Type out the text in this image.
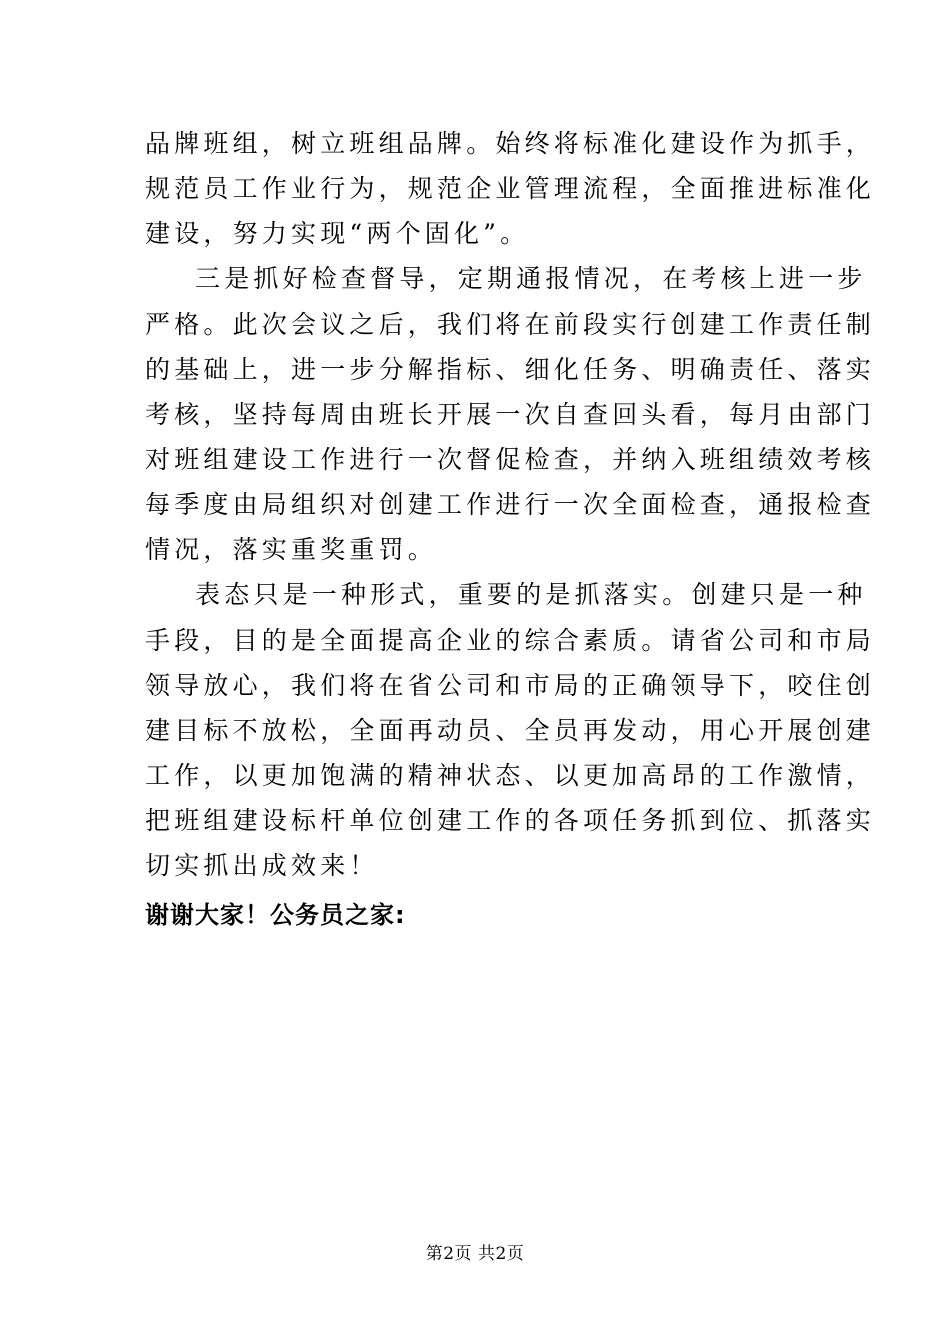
品牌班组，树立班组品牌。始终将标准化建设作为抓手，
规范员工作业行为，规范企业管理流程，全面推进标准化
建设，努力实现“两个固化”。
三是抓好检查督导，定期通报情况，在考核上进一步
严格。此次会议之后，我们将在前段实行创建工作责任制
的基础上，进一步分解指标、细化任务、明确责任、落实
考核，坚持每周由班长开展一次自查回头看，每月由部门
对班组建设工作进行一次督促检查，并纳入班组绩效考核
每季度由局组织对创建工作进行一次全面检查，通报检查
情况，落实重奖重罚。
表态只是一种形式，重要的是抓落实。创建只是一种
手段，目的是全面提高企业的综合素质。请省公司和市局
领导放心，我们将在省公司和市局的正确领导下，咬住创
建目标不放松，全面再动员、全员再发动，用心开展创建
工作，以更加饱满的精神状态、以更加高昂的工作激情，
把班组建设标杆单位创建工作的各项任务抓到位、抓落实
切实抓出成效来！
谢谢大家！公务员之家:
第2页 共2页
